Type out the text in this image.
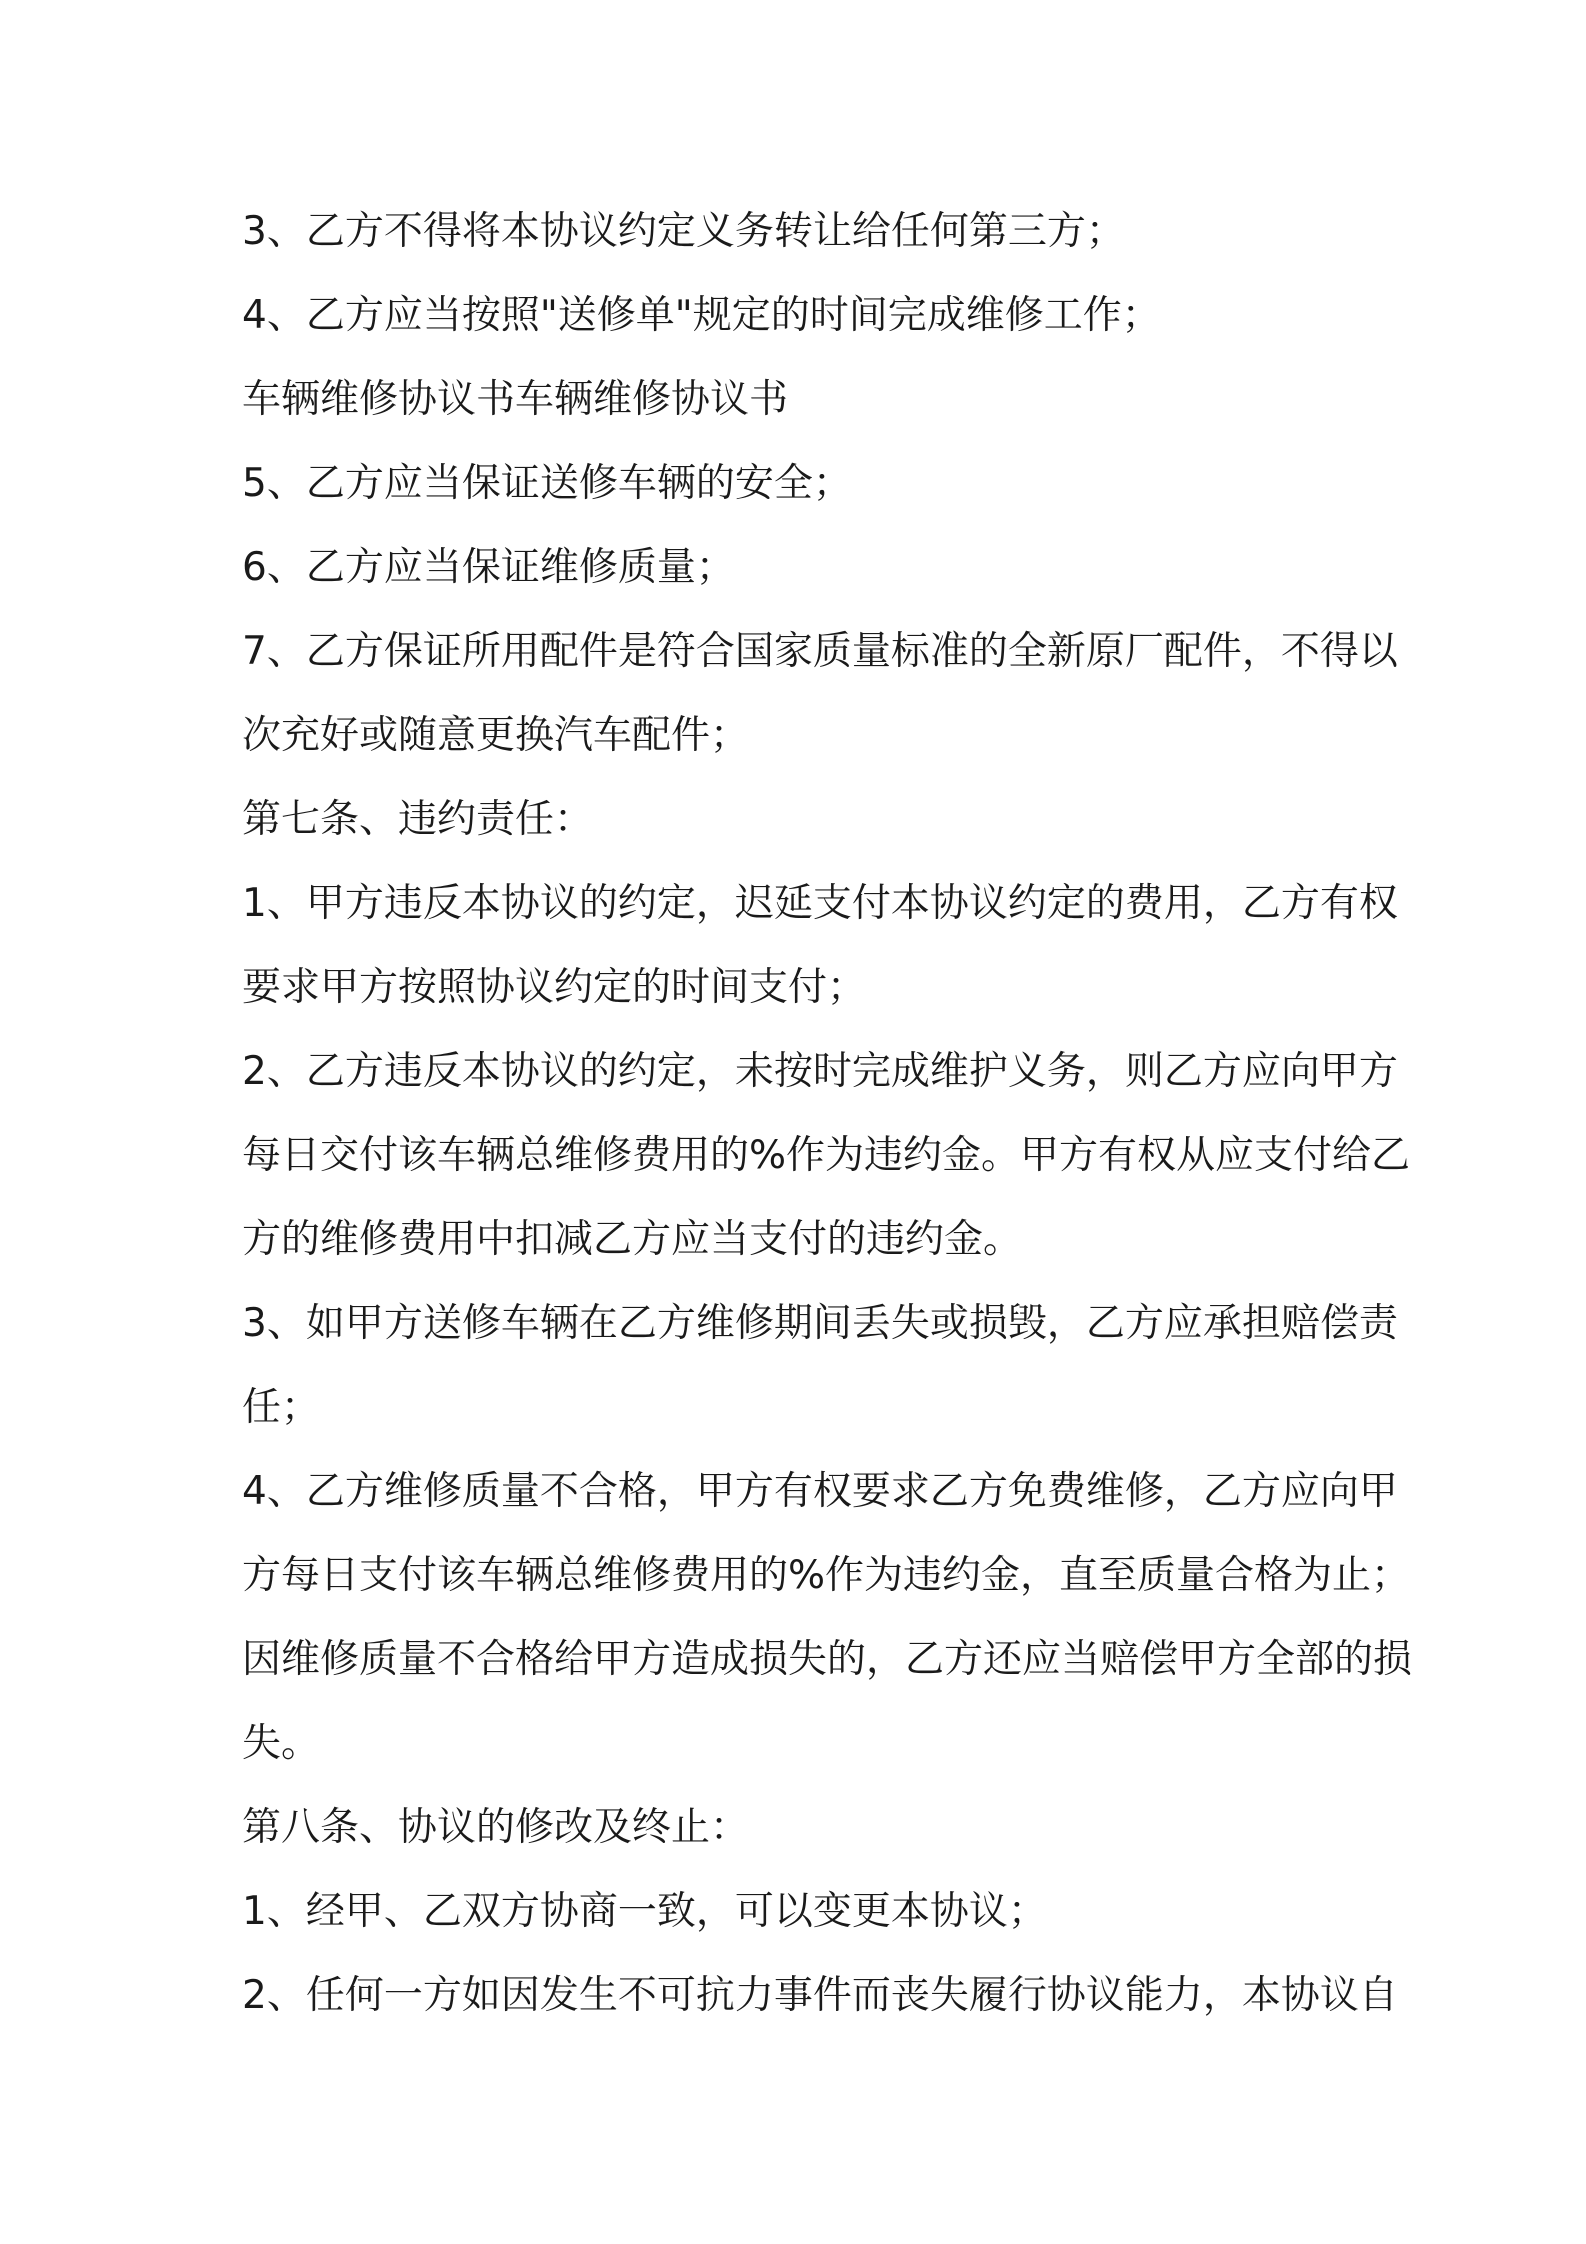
3、乙方不得将本协议约定义务转让给任何第三方；
4、乙方应当按照"送修单"规定的时间完成维修工作；
车辆维修协议书车辆维修协议书
5、乙方应当保证送修车辆的安全；
6、乙方应当保证维修质量；
7、乙方保证所用配件是符合国家质量标准的全新原厂配件，不得以
次充好或随意更换汽车配件；
第七条、违约责任：
1、甲方违反本协议的约定，迟延支付本协议约定的费用，乙方有权
要求甲方按照协议约定的时间支付；
2、乙方违反本协议的约定，未按时完成维护义务，则乙方应向甲方
每日交付该车辆总维修费用的%作为违约金。甲方有权从应支付给乙
方的维修费用中扣减乙方应当支付的违约金。
3、如甲方送修车辆在乙方维修期间丢失或损毁，乙方应承担赔偿责
任；
4、乙方维修质量不合格，甲方有权要求乙方免费维修，乙方应向甲
方每日支付该车辆总维修费用的%作为违约金，直至质量合格为止；
因维修质量不合格给甲方造成损失的，乙方还应当赔偿甲方全部的损
失。
第八条、协议的修改及终止：
1、经甲、乙双方协商一致，可以变更本协议；
2、任何一方如因发生不可抗力事件而丧失履行协议能力，本协议自
